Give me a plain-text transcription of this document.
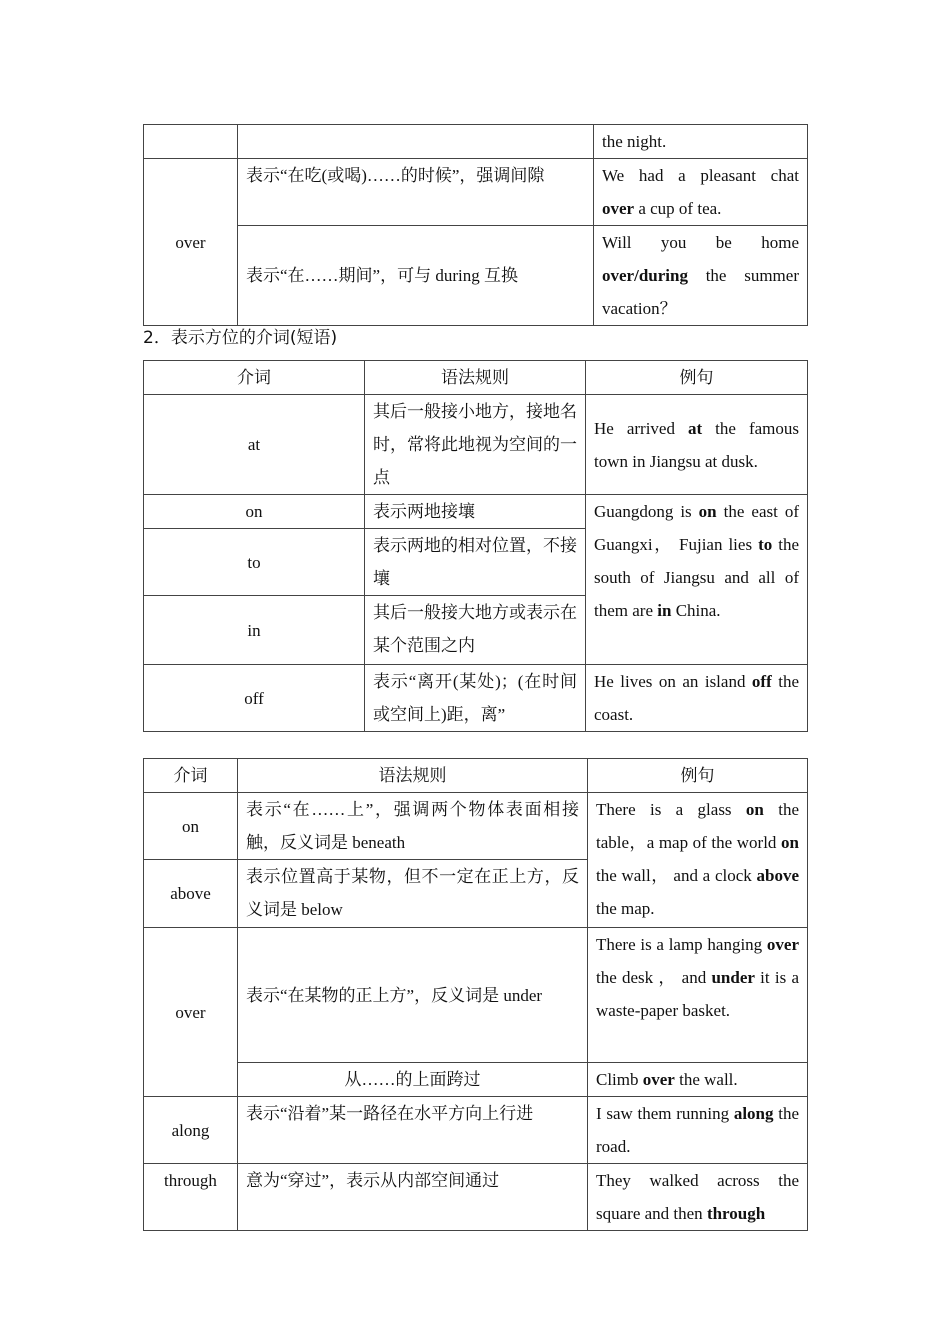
		the night.
over	表示“在吃(或喝)……的时候”，强调间隙	We had a pleasant chat
over a cup of tea.
	表示“在……期间”，可与 during 互换	Will you be home
over/during the summer vacation？
2．表示方位的介词(短语)
介词	语法规则	例句
at	其后一般接小地方，接地名时，常将此地视为空间的一点	He arrived at the famous town in Jiangsu at dusk.
on	表示两地接壤	Guangdong is on the east of Guangxi， Fujian lies to the south of Jiangsu and all of them are in China.
to	表示两地的相对位置，不接壤	
in	其后一般接大地方或表示在某个范围之内	
off	表示“离开(某处)；(在时间或空间上)距，离”	He lives on an island off the coast.
介词	语法规则	例句
on	表示“在……上”，强调两个物体表面相接触，反义词是 beneath	There is a glass on the table，a map of the world on the wall， and a clock above the map.
above	表示位置高于某物，但不一定在正上方，反义词是 below	
over	表示“在某物的正上方”，反义词是 under	There is a lamp hanging over the desk ， and under it is a waste-paper basket.
	从……的上面跨过	Climb over the wall.
along	表示“沿着”某一路径在水平方向上行进	I saw them running along the road.
through	意为“穿过”，表示从内部空间通过	They walked across the square and then through
